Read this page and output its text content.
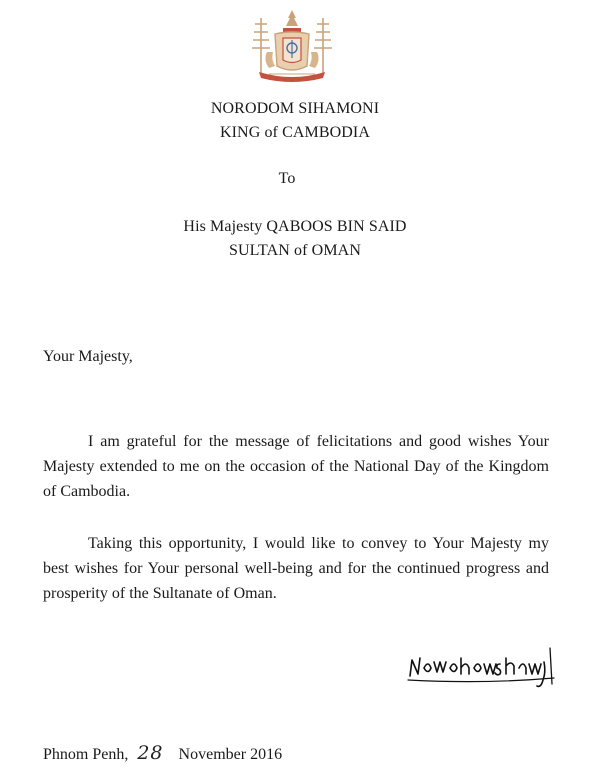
NORODOM SIHAMONI
KING of CAMBODIA
To
His Majesty QABOOS BIN SAID
SULTAN of OMAN
Your Majesty,

I am grateful for the message of felicitations and good wishes Your Majesty extended to me on the occasion of the National Day of the Kingdom of Cambodia.

Taking this opportunity, I would like to convey to Your Majesty my best wishes for Your personal well-being and for the continued progress and prosperity of the Sultanate of Oman.

Phnom Penh, 28 November 2016
